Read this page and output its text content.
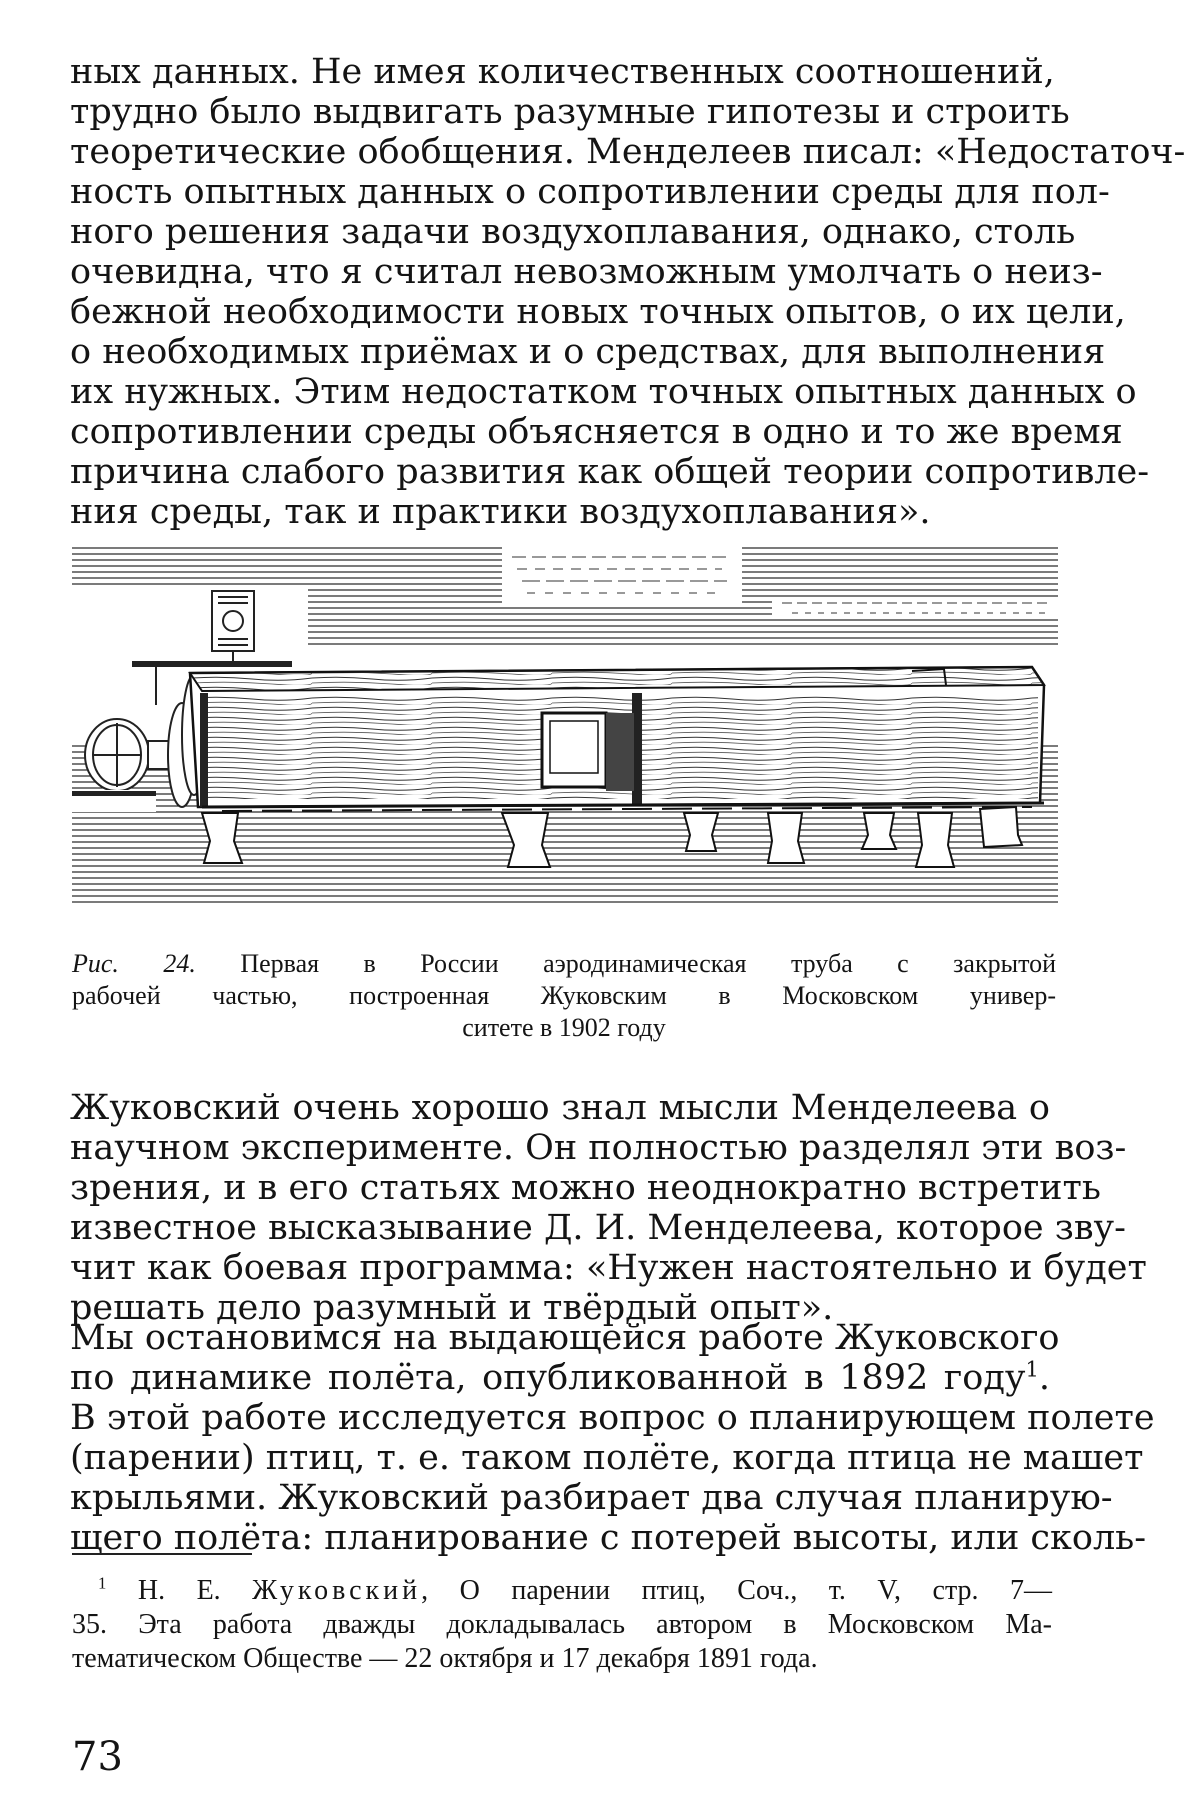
ных данных. Не имея количественных соотношений,
трудно было выдвигать разумные гипотезы и строить
теоретические обобщения. Менделеев писал: «Недостаточ-
ность опытных данных о сопротивлении среды для пол-
ного решения задачи воздухоплавания, однако, столь
очевидна, что я считал невозможным умолчать о неиз-
бежной необходимости новых точных опытов, о их цели,
о необходимых приёмах и о средствах, для выполнения
их нужных. Этим недостатком точных опытных данных о
сопротивлении среды объясняется в одно и то же время
причина слабого развития как общей теории сопротивле-
ния среды, так и практики воздухоплавания».
Рис. 24. Первая в России аэродинамическая труба с закрытой
рабочей частью, построенная Жуковским в Московском универ-
ситете в 1902 году
Жуковский очень хорошо знал мысли Менделеева о
научном эксперименте. Он полностью разделял эти воз-
зрения, и в его статьях можно неоднократно встретить
известное высказывание Д. И. Менделеева, которое зву-
чит как боевая программа: «Нужен настоятельно и будет
решать дело разумный и твёрдый опыт».
Мы остановимся на выдающейся работе Жуковского
по динамике полёта, опубликованной в 1892 году$^1$.
В этой работе исследуется вопрос о планирующем полете
(парении) птиц, т. е. таком полёте, когда птица не машет
крыльями. Жуковский разбирает два случая планирую-
щего полёта: планирование с потерей высоты, или сколь-
$^1$ Н. Е. Жуковский, О парении птиц, Соч., т. V, стр. 7—
35. Эта работа дважды докладывалась автором в Московском Ма-
тематическом Обществе — 22 октября и 17 декабря 1891 года.
73
